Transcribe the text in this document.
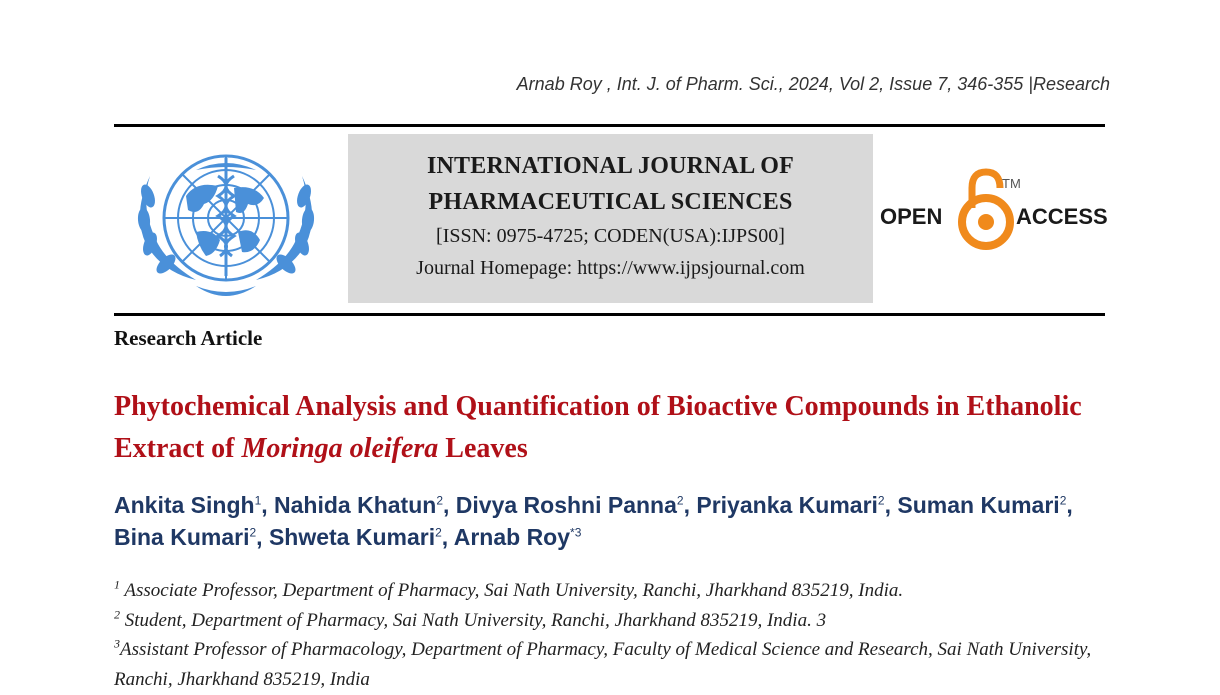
Arnab Roy , Int. J. of Pharm. Sci., 2024, Vol 2, Issue 7, 346-355 |Research
INTERNATIONAL JOURNAL OF
PHARMACEUTICAL SCIENCES
[ISSN: 0975-4725; CODEN(USA):IJPS00]
Journal Homepage: https://www.ijpsjournal.com
OPEN
TM
ACCESS
Research Article
Phytochemical Analysis and Quantification of Bioactive Compounds in Ethanolic Extract of Moringa oleifera Leaves
Ankita Singh$^1$, Nahida Khatun$^2$, Divya Roshni Panna$^2$, Priyanka Kumari$^2$, Suman Kumari$^2$, Bina Kumari$^2$, Shweta Kumari$^2$, Arnab Roy$^{*3}$

$^1$ Associate Professor, Department of Pharmacy, Sai Nath University, Ranchi, Jharkhand 835219, India.

$^2$ Student, Department of Pharmacy, Sai Nath University, Ranchi, Jharkhand 835219, India. 3

$^3$Assistant Professor of Pharmacology, Department of Pharmacy, Faculty of Medical Science and Research, Sai Nath University, Ranchi, Jharkhand 835219, India
